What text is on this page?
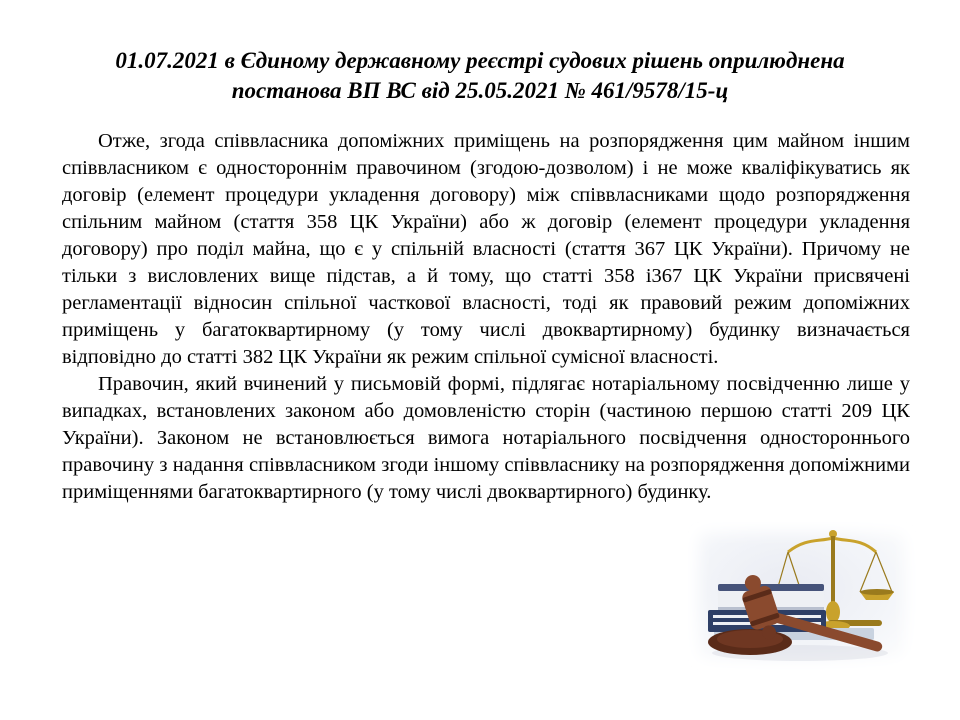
01.07.2021 в Єдиному державному реєстрі судових рішень оприлюднена
постанова ВП ВС від 25.05.2021 № 461/9578/15-ц

Отже, згода співвласника допоміжних приміщень на розпорядження цим майном іншим співвласником є одностороннім правочином (згодою-дозволом) і не може кваліфікуватись як договір (елемент процедури укладення договору) між співвласниками щодо розпорядження спільним майном (стаття 358 ЦК України) або ж договір (елемент процедури укладення договору) про поділ майна, що є у спільній власності (стаття 367 ЦК України). Причому не тільки з висловлених вище підстав, а й тому, що статті 358 і367 ЦК України присвячені регламентації відносин спільної часткової власності, тоді як правовий режим допоміжних приміщень у багатоквартирному (у тому числі двоквартирному) будинку визначається відповідно до статті 382 ЦК України як режим спільної сумісної власності.

Правочин, який вчинений у письмовій формі, підлягає нотаріальному посвідченню лише у випадках, встановлених законом або домовленістю сторін (частиною першою статті 209 ЦК України). Законом не встановлюється вимога нотаріального посвідчення одностороннього правочину з надання співвласником згоди іншому співвласнику на розпорядження допоміжними приміщеннями багатоквартирного (у тому числі двоквартирного) будинку.
